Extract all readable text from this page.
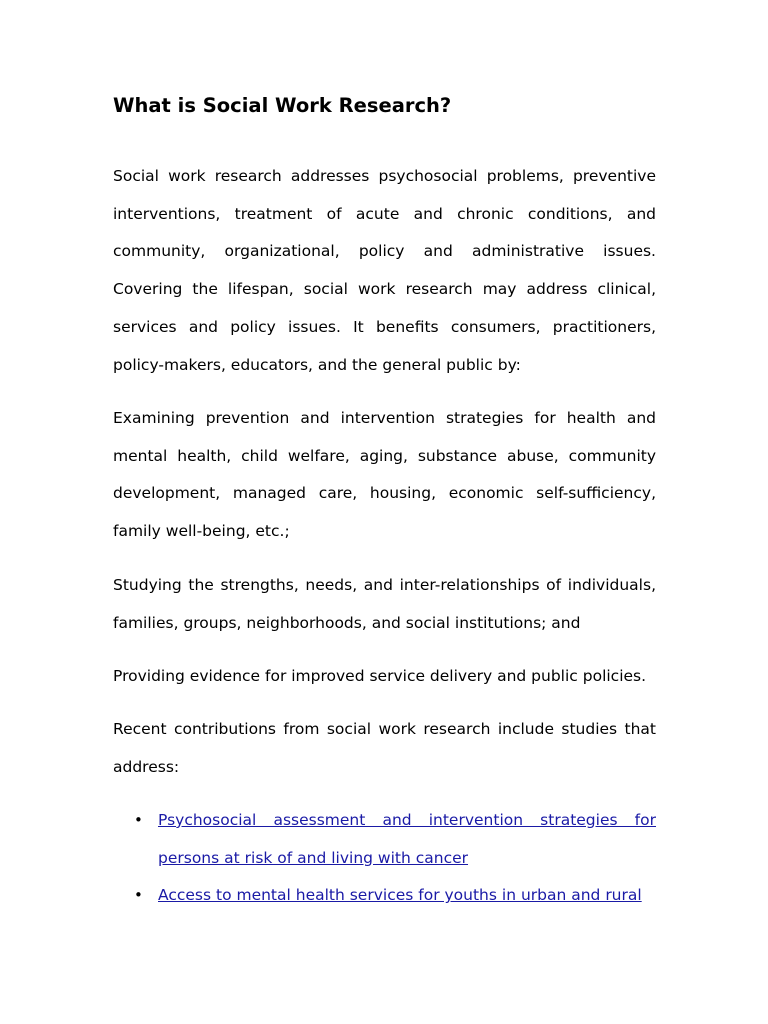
What is Social Work Research?

Social work research addresses psychosocial problems, preventive interventions, treatment of acute and chronic conditions, and community, organizational, policy and administrative issues. Covering the lifespan, social work research may address clinical, services and policy issues. It benefits consumers, practitioners, policy-makers, educators, and the general public by:

Examining prevention and intervention strategies for health and mental health, child welfare, aging, substance abuse, community development, managed care, housing, economic self-sufficiency, family well-being, etc.;

Studying the strengths, needs, and inter-relationships of individuals, families, groups, neighborhoods, and social institutions; and

Providing evidence for improved service delivery and public policies.

Recent contributions from social work research include studies that address:

• Psychosocial assessment and intervention strategies for persons at risk of and living with cancer
• Access to mental health services for youths in urban and rural
